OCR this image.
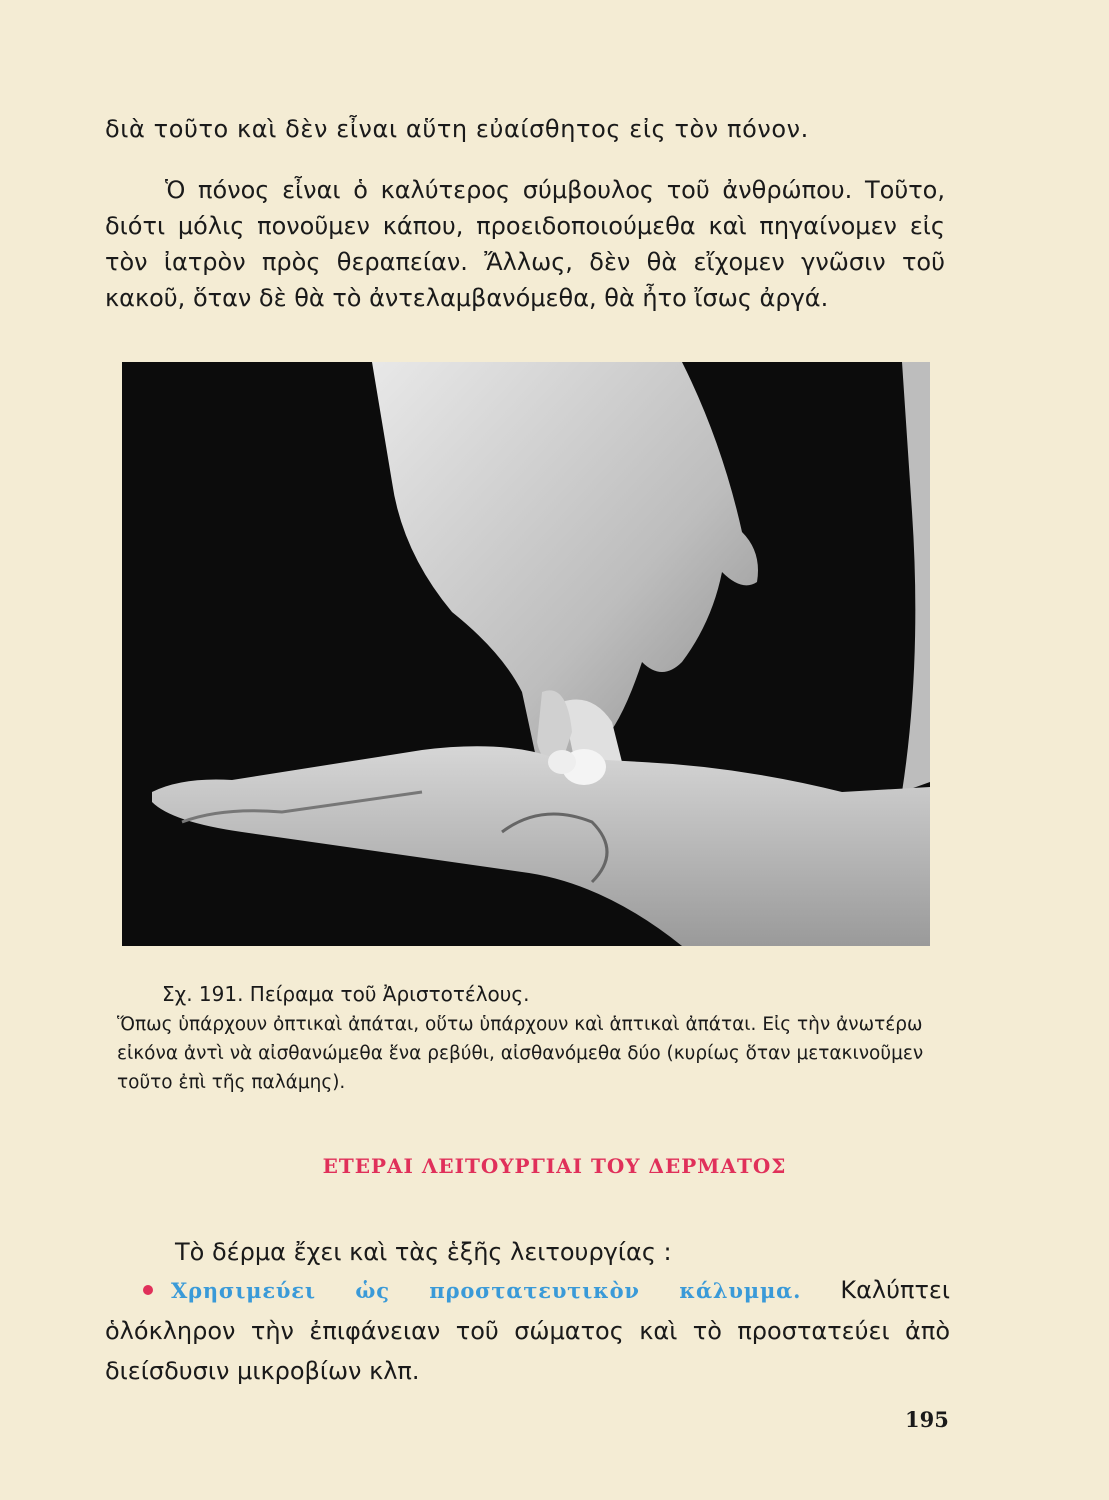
διὰ τοῦτο καὶ δὲν εἶναι αὕτη εὐαίσθητος εἰς τὸν πόνον.
Ὁ πόνος εἶναι ὁ καλύτερος σύμβουλος τοῦ ἀνθρώπου. Τοῦτο, διότι μόλις πονοῦμεν κάπου, προειδοποιούμεθα καὶ πηγαίνομεν εἰς τὸν ἰατρὸν πρὸς θεραπείαν. Ἄλλως, δὲν θὰ εἴχομεν γνῶσιν τοῦ κακοῦ, ὅταν δὲ θὰ τὸ ἀντελαμβανόμεθα, θὰ ἦτο ἴσως ἀργά.
Σχ. 191. Πείραμα τοῦ Ἀριστοτέλους.
Ὅπως ὑπάρχουν ὀπτικαὶ ἀπάται, οὕτω ὑπάρχουν καὶ ἁπτικαὶ ἀπάται. Εἰς τὴν ἀνωτέρω εἰκόνα ἀντὶ νὰ αἰσθανώμεθα ἕνα ρεβύθι, αἰσθανόμεθα δύο (κυρίως ὅταν μετακινοῦμεν τοῦτο ἐπὶ τῆς παλάμης).
ΕΤΕΡΑΙ ΛΕΙΤΟΥΡΓΙΑΙ ΤΟΥ ΔΕΡΜΑΤΟΣ
Τὸ δέρμα ἔχει καὶ τὰς ἑξῆς λειτουργίας :
Χρησιμεύει ὡς προστατευτικὸν κάλυμμα. Καλύπτει ὁλόκληρον τὴν ἐπιφάνειαν τοῦ σώματος καὶ τὸ προστατεύει ἀπὸ διείσδυσιν μικροβίων κλπ.
195
